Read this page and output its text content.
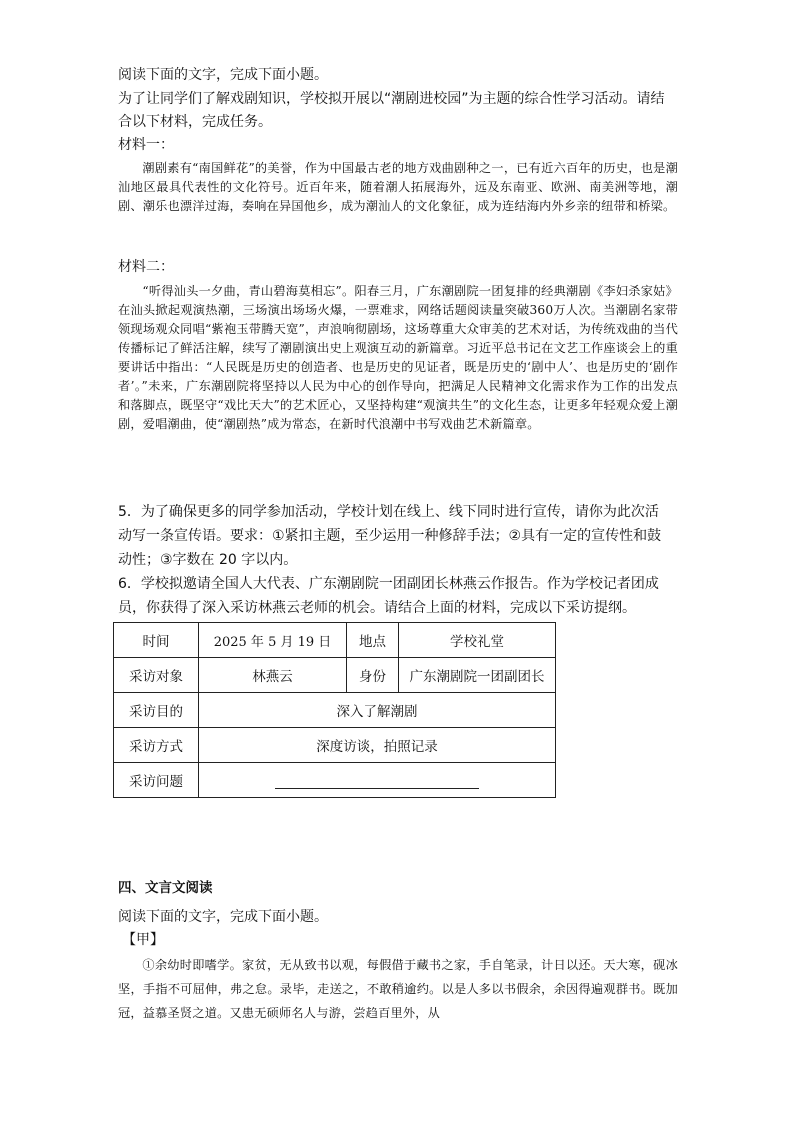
阅读下面的文字，完成下面小题。
为了让同学们了解戏剧知识，学校拟开展以“潮剧进校园”为主题的综合性学习活动。请结
合以下材料，完成任务。
材料一：

潮剧素有“南国鲜花”的美誉，作为中国最古老的地方戏曲剧种之一，已有近六百年的历史，也是潮汕地区最具代表性的文化符号。近百年来，随着潮人拓展海外，远及东南亚、欧洲、南美洲等地，潮剧、潮乐也漂洋过海，奏响在异国他乡，成为潮汕人的文化象征，成为连结海内外乡亲的纽带和桥梁。

材料二：

“听得汕头一夕曲，青山碧海莫相忘”。阳春三月，广东潮剧院一团复排的经典潮剧《李妇杀家姑》在汕头掀起观演热潮，三场演出场场火爆，一票难求，网络话题阅读量突破360万人次。当潮剧名家带领现场观众同唱“紫袍玉带腾天宽”，声浪响彻剧场，这场尊重大众审美的艺术对话，为传统戏曲的当代传播标记了鲜活注解，续写了潮剧演出史上观演互动的新篇章。习近平总书记在文艺工作座谈会上的重要讲话中指出：“人民既是历史的创造者、也是历史的见证者，既是历史的‘剧中人’、也是历史的‘剧作者’。”未来，广东潮剧院将坚持以人民为中心的创作导向，把满足人民精神文化需求作为工作的出发点和落脚点，既坚守“戏比天大”的艺术匠心，又坚持构建“观演共生”的文化生态，让更多年轻观众爱上潮剧，爱唱潮曲，使“潮剧热”成为常态，在新时代浪潮中书写戏曲艺术新篇章。

5．为了确保更多的同学参加活动，学校计划在线上、线下同时进行宣传，请你为此次活
动写一条宣传语。要求：①紧扣主题，至少运用一种修辞手法；②具有一定的宣传性和鼓
动性；③字数在 20 字以内。
6．学校拟邀请全国人大代表、广东潮剧院一团副团长林燕云作报告。作为学校记者团成
员，你获得了深入采访林燕云老师的机会。请结合上面的材料，完成以下采访提纲。
时间	2025 年 5 月 19 日	地点	学校礼堂
采访对象	林燕云	身份	广东潮剧院一团副团长
采访目的	深入了解潮剧		
采访方式	深度访谈，拍照记录		
采访问题			
四、文言文阅读
阅读下面的文字，完成下面小题。
【甲】

①余幼时即嗜学。家贫，无从致书以观，每假借于藏书之家，手自笔录，计日以还。天大寒，砚冰坚，手指不可屈伸，弗之怠。录毕，走送之，不敢稍逾约。以是人多以书假余，余因得遍观群书。既加冠，益慕圣贤之道。又患无硕师名人与游，尝趋百里外，从
